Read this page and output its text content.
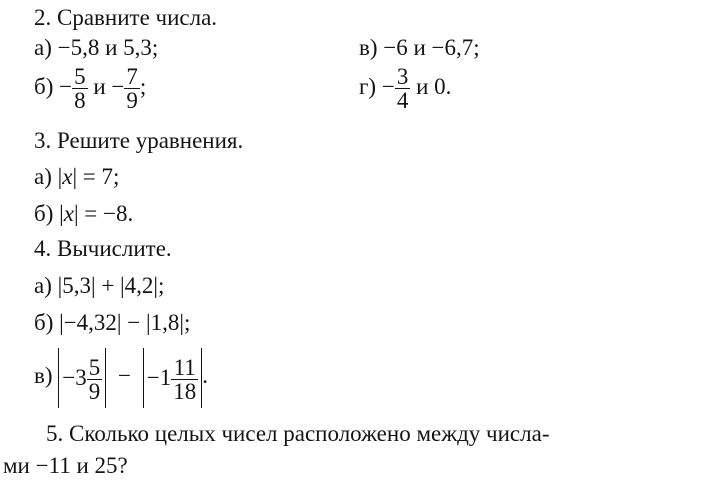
2. Сравните числа.
а) −5,8 и 5,3;	в) −6 и −6,7;
$б) - \frac{5}{8}$ $и - \frac{7}{9}$ ;	$г) - \frac{3}{4}$ и 0.
3. Решите уравнения.
а) |x| = 7;
б) |x| = −8.
4. Вычислите.
а) |5,3| + |4,2|;
б) |−4,32| − |1,8|;
$в) -3 \frac{5}{9} - -1 \frac{11}{18}$ .
5. Сколько целых чисел расположено между числа-
ми −11 и 25?
